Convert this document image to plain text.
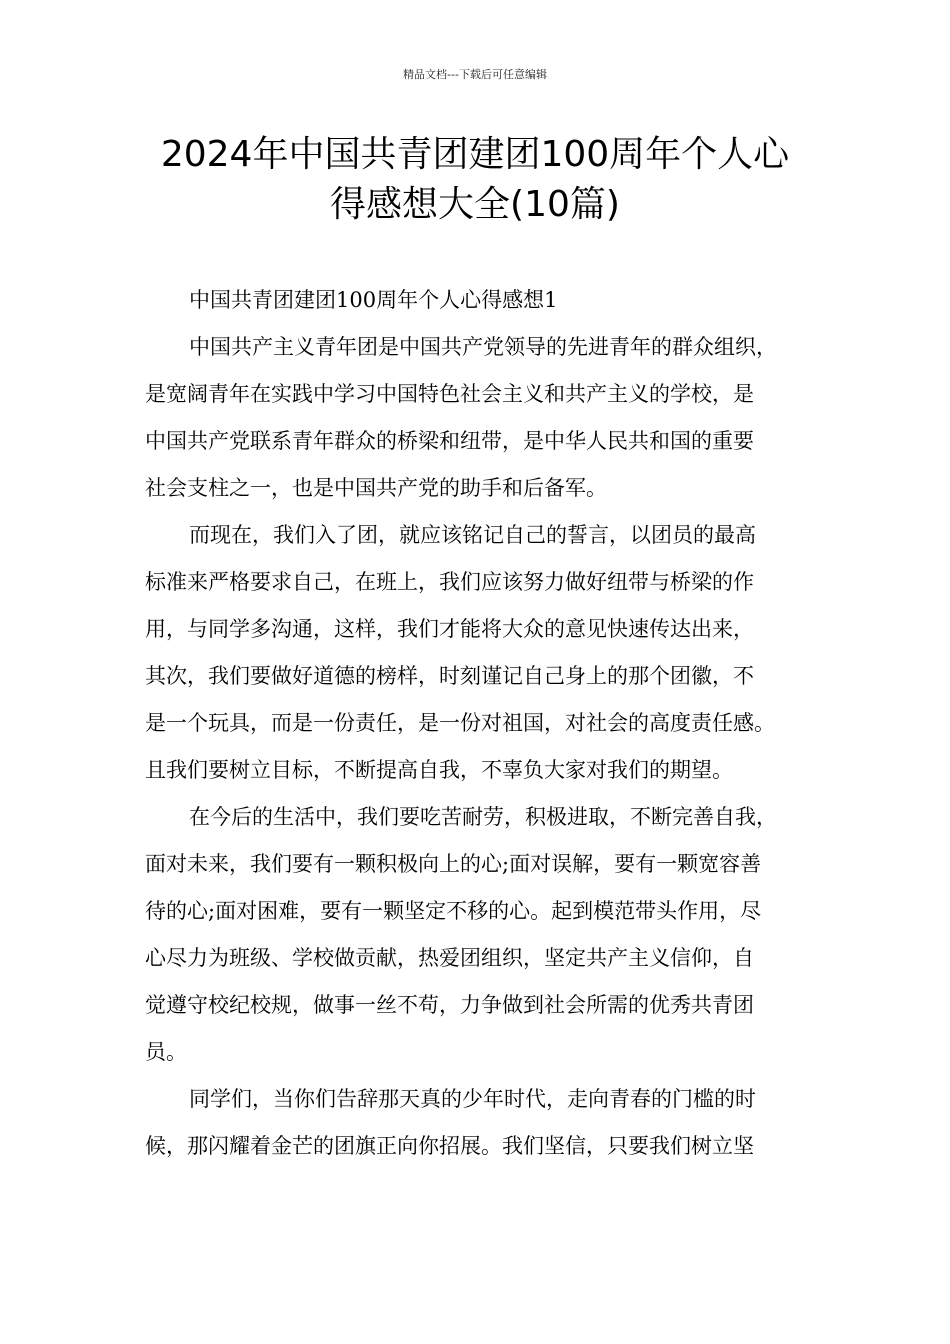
精品文档---下载后可任意编辑
2024年中国共青团建团100周年个人心
得感想大全(10篇)
中国共青团建团100周年个人心得感想1
中国共产主义青年团是中国共产党领导的先进青年的群众组织，
是宽阔青年在实践中学习中国特色社会主义和共产主义的学校，是
中国共产党联系青年群众的桥梁和纽带，是中华人民共和国的重要
社会支柱之一，也是中国共产党的助手和后备军。
而现在，我们入了团，就应该铭记自己的誓言，以团员的最高
标准来严格要求自己，在班上，我们应该努力做好纽带与桥梁的作
用，与同学多沟通，这样，我们才能将大众的意见快速传达出来，
其次，我们要做好道德的榜样，时刻谨记自己身上的那个团徽，不
是一个玩具，而是一份责任，是一份对祖国，对社会的高度责任感。
且我们要树立目标，不断提高自我，不辜负大家对我们的期望。
在今后的生活中，我们要吃苦耐劳，积极进取，不断完善自我，
面对未来，我们要有一颗积极向上的心;面对误解，要有一颗宽容善
待的心;面对困难，要有一颗坚定不移的心。起到模范带头作用，尽
心尽力为班级、学校做贡献，热爱团组织，坚定共产主义信仰，自
觉遵守校纪校规，做事一丝不苟，力争做到社会所需的优秀共青团
员。
同学们，当你们告辞那天真的少年时代，走向青春的门槛的时
候，那闪耀着金芒的团旗正向你招展。我们坚信，只要我们树立坚
